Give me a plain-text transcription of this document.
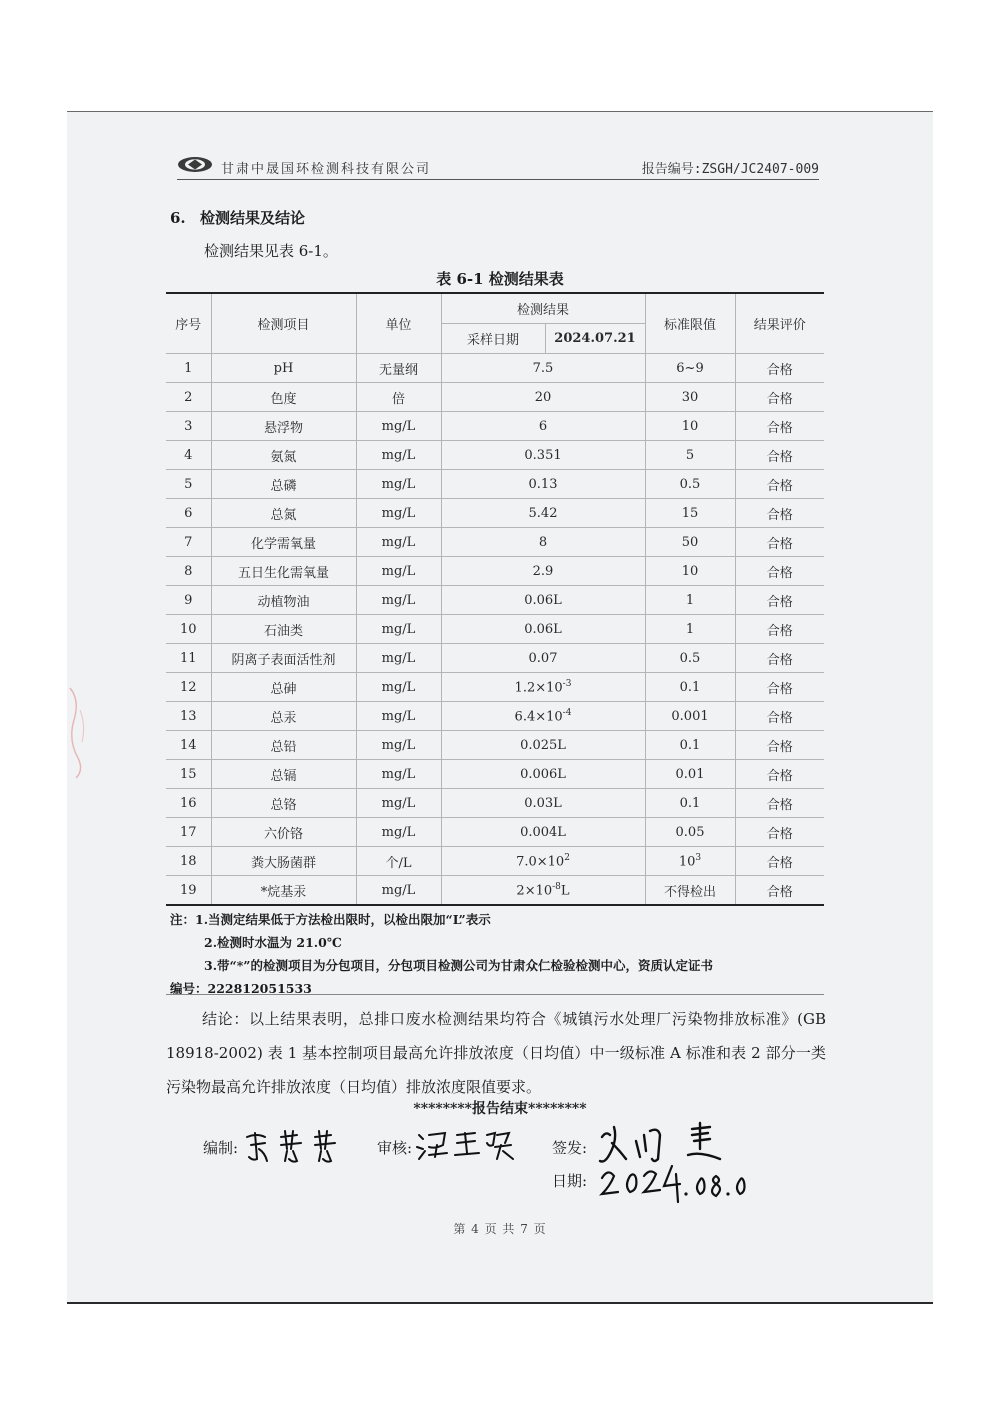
甘肃中晟国环检测科技有限公司	报告编号:ZSGH/JC2407-009
6. 检测结果及结论
检测结果见表 6-1。
表 6-1 检测结果表
序号	检测项目	单位	检测结果		标准限值	结果评价
			采样日期	2024.07.21		
1	pH	无量纲	7.5		6~9	合格
2	色度	倍	20		30	合格
3	悬浮物	mg/L	6		10	合格
4	氨氮	mg/L	0.351		5	合格
5	总磷	mg/L	0.13		0.5	合格
6	总氮	mg/L	5.42		15	合格
7	化学需氧量	mg/L	8		50	合格
8	五日生化需氧量	mg/L	2.9		10	合格
9	动植物油	mg/L	0.06L		1	合格
10	石油类	mg/L	0.06L		1	合格
11	阴离子表面活性剂	mg/L	0.07		0.5	合格
12	总砷	mg/L	$1.2\times 10^{-3}$		0.1	合格
13	总汞	mg/L	$6.4\times 10^{-4}$		0.001	合格
14	总铅	mg/L	0.025L		0.1	合格
15	总镉	mg/L	0.006L		0.01	合格
16	总铬	mg/L	0.03L		0.1	合格
17	六价铬	mg/L	0.004L		0.05	合格
18	粪大肠菌群	个/L	$7.0\times 10^2$		$10^3$	合格
19	*烷基汞	mg/L	$2\times 10^{-8}L$		不得检出	合格
注：1.当测定结果低于方法检出限时，以检出限加“L”表示
2.检测时水温为 21.0℃
3.带“*”的检测项目为分包项目，分包项目检测公司为甘肃众仁检验检测中心，资质认定证书
编号：222812051533
结论：以上结果表明，总排口废水检测结果均符合《城镇污水处理厂污染物排放标准》(GB 18918-2002) 表 1 基本控制项目最高允许排放浓度（日均值）中一级标准 A 标准和表 2 部分一类污染物最高允许排放浓度（日均值）排放浓度限值要求。
********报告结束********
编制:	审核:	签发:
日期:
第 4 页 共 7 页
